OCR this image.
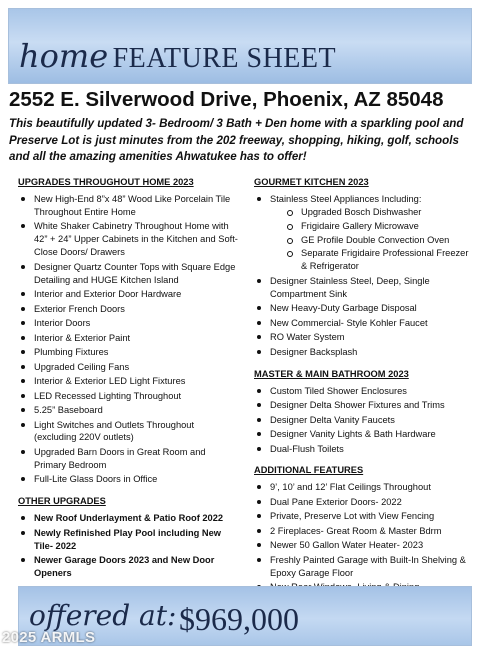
home FEATURE SHEET
2552 E. Silverwood Drive, Phoenix, AZ 85048
This beautifully updated 3- Bedroom/ 3 Bath + Den home with a sparkling pool and Preserve Lot is just minutes from the 202 freeway, shopping, hiking, golf, schools and all the amazing amenities Ahwatukee has to offer!
UPGRADES THROUGHOUT HOME 2023
New High-End 8”x 48” Wood Like Porcelain Tile Throughout Entire Home
White Shaker Cabinetry Throughout Home with 42” + 24” Upper Cabinets in the Kitchen and Soft-Close Doors/ Drawers
Designer Quartz Counter Tops with Square Edge Detailing and HUGE Kitchen Island
Interior and Exterior Door Hardware
Exterior French Doors
Interior Doors
Interior & Exterior Paint
Plumbing Fixtures
Upgraded Ceiling Fans
Interior & Exterior LED Light Fixtures
LED Recessed Lighting Throughout
5.25” Baseboard
Light Switches and Outlets Throughout (excluding 220V outlets)
Upgraded Barn Doors in Great Room and Primary Bedroom
Full-Lite Glass Doors in Office
OTHER UPGRADES
New Roof Underlayment & Patio Roof 2022
Newly Refinished Play Pool including New Tile- 2022
Newer Garage Doors 2023 and New Door Openers
GOURMET KITCHEN 2023
Stainless Steel Appliances Including:
Upgraded Bosch Dishwasher
Frigidaire Gallery Microwave
GE Profile Double Convection Oven
Separate Frigidaire Professional Freezer & Refrigerator
Designer Stainless Steel, Deep, Single Compartment Sink
New Heavy-Duty Garbage Disposal
New Commercial- Style Kohler Faucet
RO Water System
Designer Backsplash
MASTER & MAIN BATHROOM 2023
Custom Tiled Shower Enclosures
Designer Delta Shower Fixtures and Trims
Designer Delta Vanity Faucets
Designer Vanity Lights & Bath Hardware
Dual-Flush Toilets
ADDITIONAL FEATURES
9’, 10’ and 12’ Flat Ceilings Throughout
Dual Pane Exterior Doors- 2022
Private, Preserve Lot with View Fencing
2 Fireplaces- Great Room & Master Bdrm
Newer 50 Gallon Water Heater- 2023
Freshly Painted Garage with Built-In Shelving & Epoxy Garage Floor
offered at: $969,000
2025 ARMLS
